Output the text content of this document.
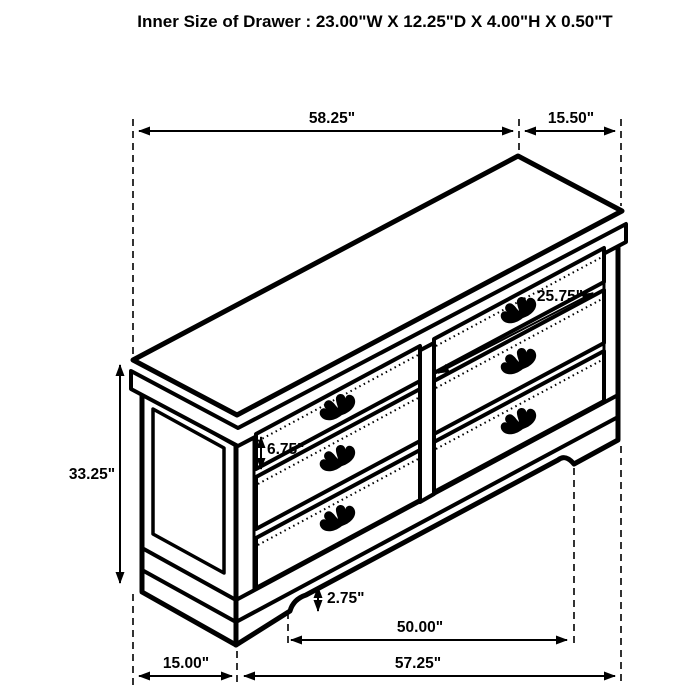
Inner Size of Drawer : 23.00"W X 12.25"D X 4.00"H X 0.50"T
58.25"	15.50"
33.25"
25.75"
6.75"
2.75"
50.00"
15.00"	57.25"
